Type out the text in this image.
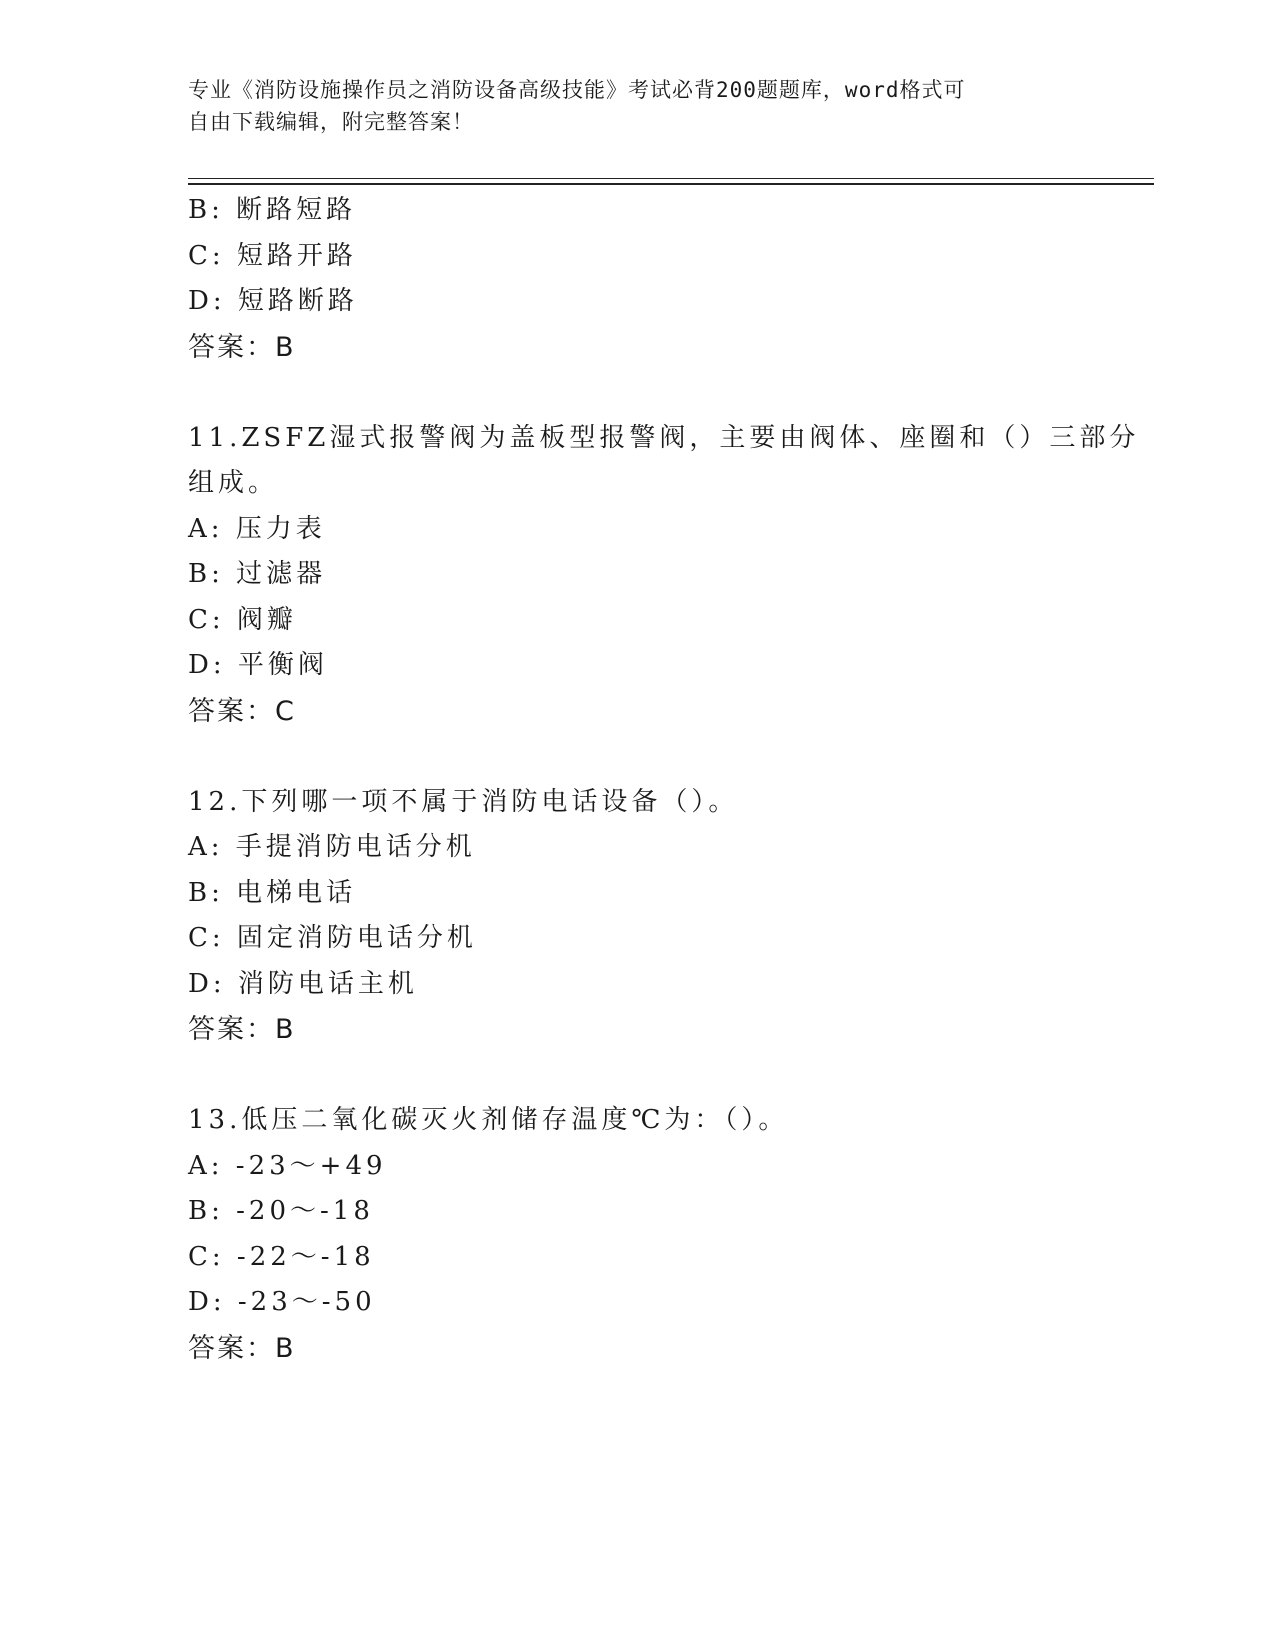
专业《消防设施操作员之消防设备高级技能》考试必背200题题库，word格式可
自由下载编辑，附完整答案！
B: 断路短路
C: 短路开路
D: 短路断路
答案：B
11.ZSFZ湿式报警阀为盖板型报警阀，主要由阀体、座圈和（）三部分
组成。
A: 压力表
B: 过滤器
C: 阀瓣
D: 平衡阀
答案：C
12.下列哪一项不属于消防电话设备（）。
A: 手提消防电话分机
B: 电梯电话
C: 固定消防电话分机
D: 消防电话主机
答案：B
13.低压二氧化碳灭火剂储存温度℃为：（）。
A: -23～+49
B: -20～-18
C: -22～-18
D: -23～-50
答案：B
